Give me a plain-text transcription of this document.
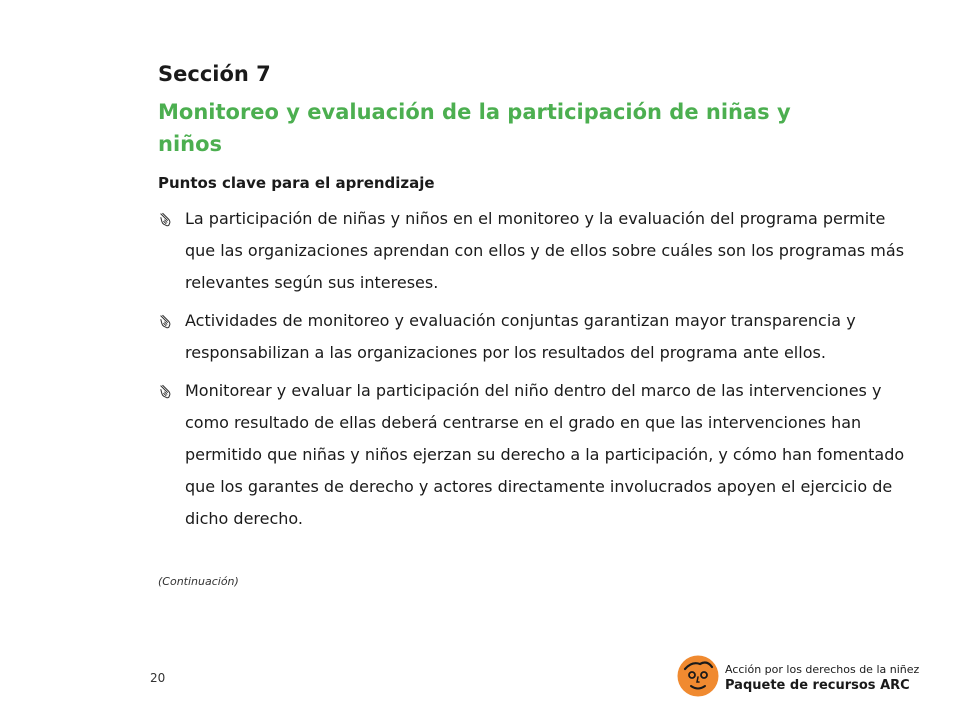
Sección 7
Monitoreo y evaluación de la participación de niñas y niños
Puntos clave para el aprendizaje
La participación de niñas y niños en el monitoreo y la evaluación del programa permite que las organizaciones aprendan con ellos y de ellos sobre cuáles son los programas más relevantes según sus intereses.
Actividades de monitoreo y evaluación conjuntas garantizan mayor transparencia y responsabilizan a las organizaciones por los resultados del programa ante ellos.
Monitorear y evaluar la participación del niño dentro del marco de las intervenciones y como resultado de ellas deberá centrarse en el grado en que las intervenciones han permitido que niñas y niños ejerzan su derecho a la participación, y cómo han fomentado que los garantes de derecho y actores directamente involucrados apoyen el ejercicio de dicho derecho.

(Continuación)

20

Acción por los derechos de la niñez

Paquete de recursos ARC
